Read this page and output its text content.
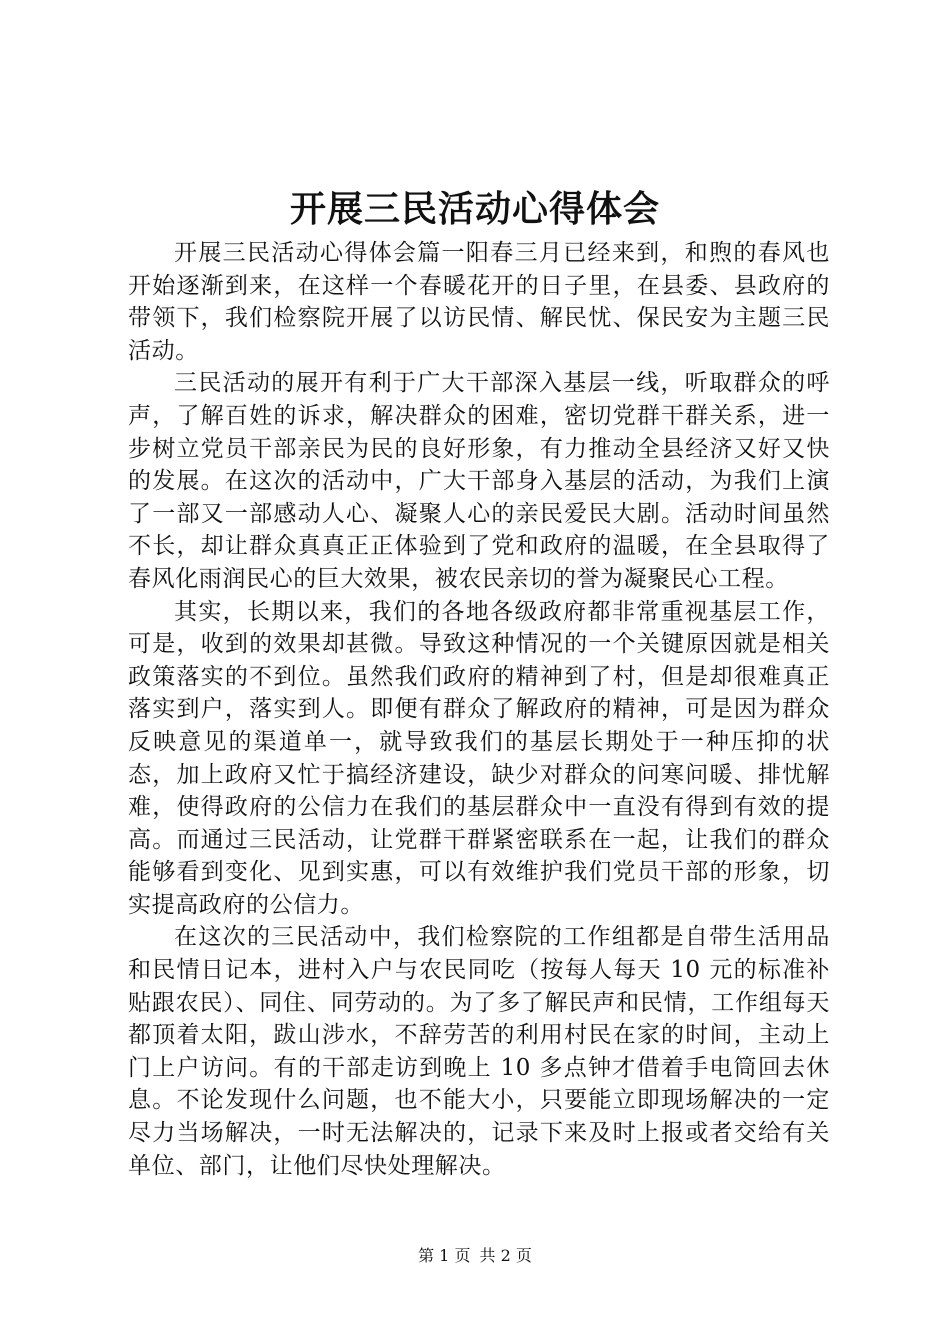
开展三民活动心得体会

开展三民活动心得体会篇一阳春三月已经来到，和煦的春风也开始逐渐到来，在这样一个春暖花开的日子里，在县委、县政府的带领下，我们检察院开展了以访民情、解民忧、保民安为主题三民活动。

三民活动的展开有利于广大干部深入基层一线，听取群众的呼声，了解百姓的诉求，解决群众的困难，密切党群干群关系，进一步树立党员干部亲民为民的良好形象，有力推动全县经济又好又快的发展。在这次的活动中，广大干部身入基层的活动，为我们上演了一部又一部感动人心、凝聚人心的亲民爱民大剧。活动时间虽然不长，却让群众真真正正体验到了党和政府的温暖，在全县取得了春风化雨润民心的巨大效果，被农民亲切的誉为凝聚民心工程。

其实，长期以来，我们的各地各级政府都非常重视基层工作，可是，收到的效果却甚微。导致这种情况的一个关键原因就是相关政策落实的不到位。虽然我们政府的精神到了村，但是却很难真正落实到户，落实到人。即便有群众了解政府的精神，可是因为群众反映意见的渠道单一，就导致我们的基层长期处于一种压抑的状态，加上政府又忙于搞经济建设，缺少对群众的问寒问暖、排忧解难，使得政府的公信力在我们的基层群众中一直没有得到有效的提高。而通过三民活动，让党群干群紧密联系在一起，让我们的群众能够看到变化、见到实惠，可以有效维护我们党员干部的形象，切实提高政府的公信力。

在这次的三民活动中，我们检察院的工作组都是自带生活用品和民情日记本，进村入户与农民同吃（按每人每天 10 元的标准补贴跟农民）、同住、同劳动的。为了多了解民声和民情，工作组每天都顶着太阳，跋山涉水，不辞劳苦的利用村民在家的时间，主动上门上户访问。有的干部走访到晚上 10 多点钟才借着手电筒回去休息。不论发现什么问题，也不能大小，只要能立即现场解决的一定尽力当场解决，一时无法解决的，记录下来及时上报或者交给有关单位、部门，让他们尽快处理解决。

第 1 页 共 2 页
